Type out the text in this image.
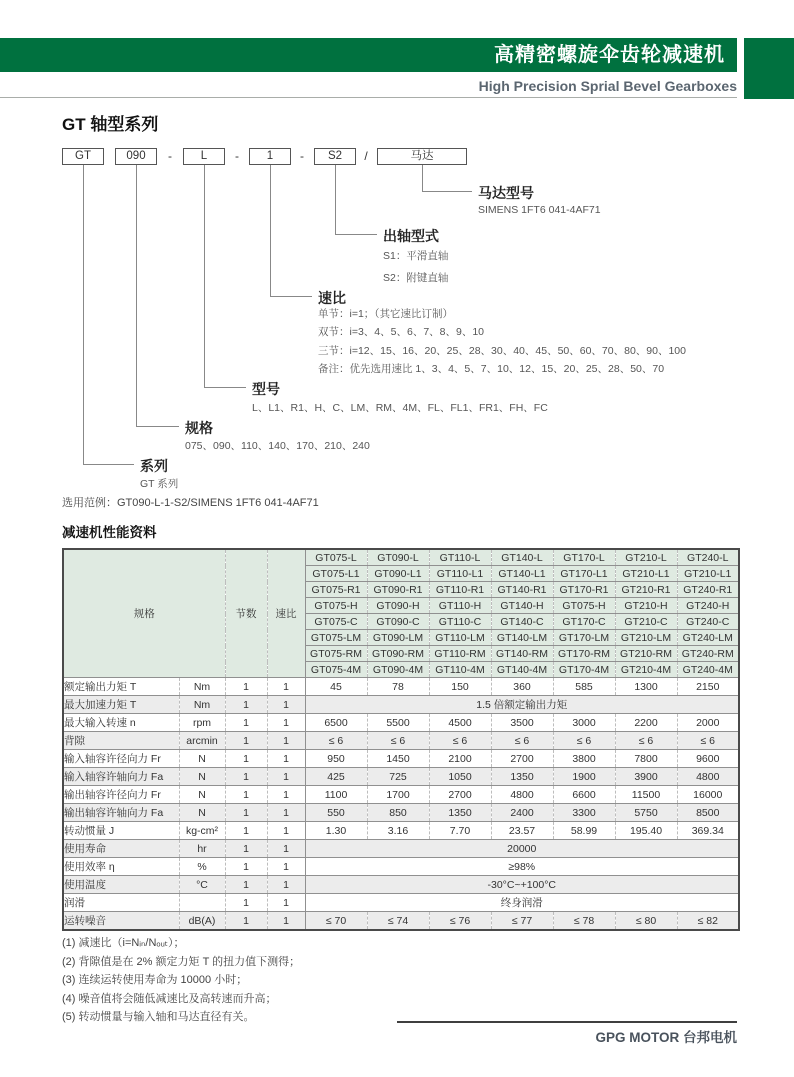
高精密螺旋伞齿轮减速机
High Precision Sprial Bevel Gearboxes
GT 轴型系列
GT	090	-	L	-	1	-	S2	/	马达
马达型号
SIMENS 1FT6 041-4AF71
出轴型式
S1：平滑直轴
S2：附键直轴
速比
单节：i=1；（其它速比订制）
双节：i=3、4、5、6、7、8、9、10
三节：i=12、15、16、20、25、28、30、40、45、50、60、70、80、90、100
备注：优先选用速比 1、3、4、5、7、10、12、15、20、25、28、50、70
型号
L、L1、R1、H、C、LM、RM、4M、FL、FL1、FR1、FH、FC
规格
075、090、110、140、170、210、240
系列
GT 系列
选用范例：GT090-L-1-S2/SIMENS 1FT6 041-4AF71
减速机性能资料
规格		节数	速比	GT075-L	GT090-L	GT110-L	GT140-L	GT170-L	GT210-L	GT240-L
				GT075-L1	GT090-L1	GT110-L1	GT140-L1	GT170-L1	GT210-L1	GT210-L1
				GT075-R1	GT090-R1	GT110-R1	GT140-R1	GT170-R1	GT210-R1	GT240-R1
				GT075-H	GT090-H	GT110-H	GT140-H	GT075-H	GT210-H	GT240-H
				GT075-C	GT090-C	GT110-C	GT140-C	GT170-C	GT210-C	GT240-C
				GT075-LM	GT090-LM	GT110-LM	GT140-LM	GT170-LM	GT210-LM	GT240-LM
				GT075-RM	GT090-RM	GT110-RM	GT140-RM	GT170-RM	GT210-RM	GT240-RM
				GT075-4M	GT090-4M	GT110-4M	GT140-4M	GT170-4M	GT210-4M	GT240-4M
额定输出力矩 T	Nm	1	1	45	78	150	360	585	1300	2150
最大加速力矩 T	Nm	1	1	1.5 倍额定输出力矩						
最大输入转速 n	rpm	1	1	6500	5500	4500	3500	3000	2200	2000
背隙	arcmin	1	1	≤ 6	≤ 6	≤ 6	≤ 6	≤ 6	≤ 6	≤ 6
输入轴容许径向力 Fr	N	1	1	950	1450	2100	2700	3800	7800	9600
输入轴容许轴向力 Fa	N	1	1	425	725	1050	1350	1900	3900	4800
输出轴容许径向力 Fr	N	1	1	1100	1700	2700	4800	6600	11500	16000
输出轴容许轴向力 Fa	N	1	1	550	850	1350	2400	3300	5750	8500
转动惯量 J	kg-cm²	1	1	1.30	3.16	7.70	23.57	58.99	195.40	369.34
使用寿命	hr	1	1	20000						
使用效率 η	%	1	1	≥98%						
使用温度	°C	1	1	-30°C~+100°C						
润滑		1	1	终身润滑						
运转噪音	dB(A)	1	1	≤ 70	≤ 74	≤ 76	≤ 77	≤ 78	≤ 80	≤ 82
(1) 减速比（i=Nᵢₙ/Nₒᵤₜ）；
(2) 背隙值是在 2% 额定力矩 T 的扭力值下测得；
(3) 连续运转使用寿命为 10000 小时；
(4) 噪音值将会随低减速比及高转速而升高；
(5) 转动惯量与输入轴和马达直径有关。
GPG MOTOR 台邦电机
